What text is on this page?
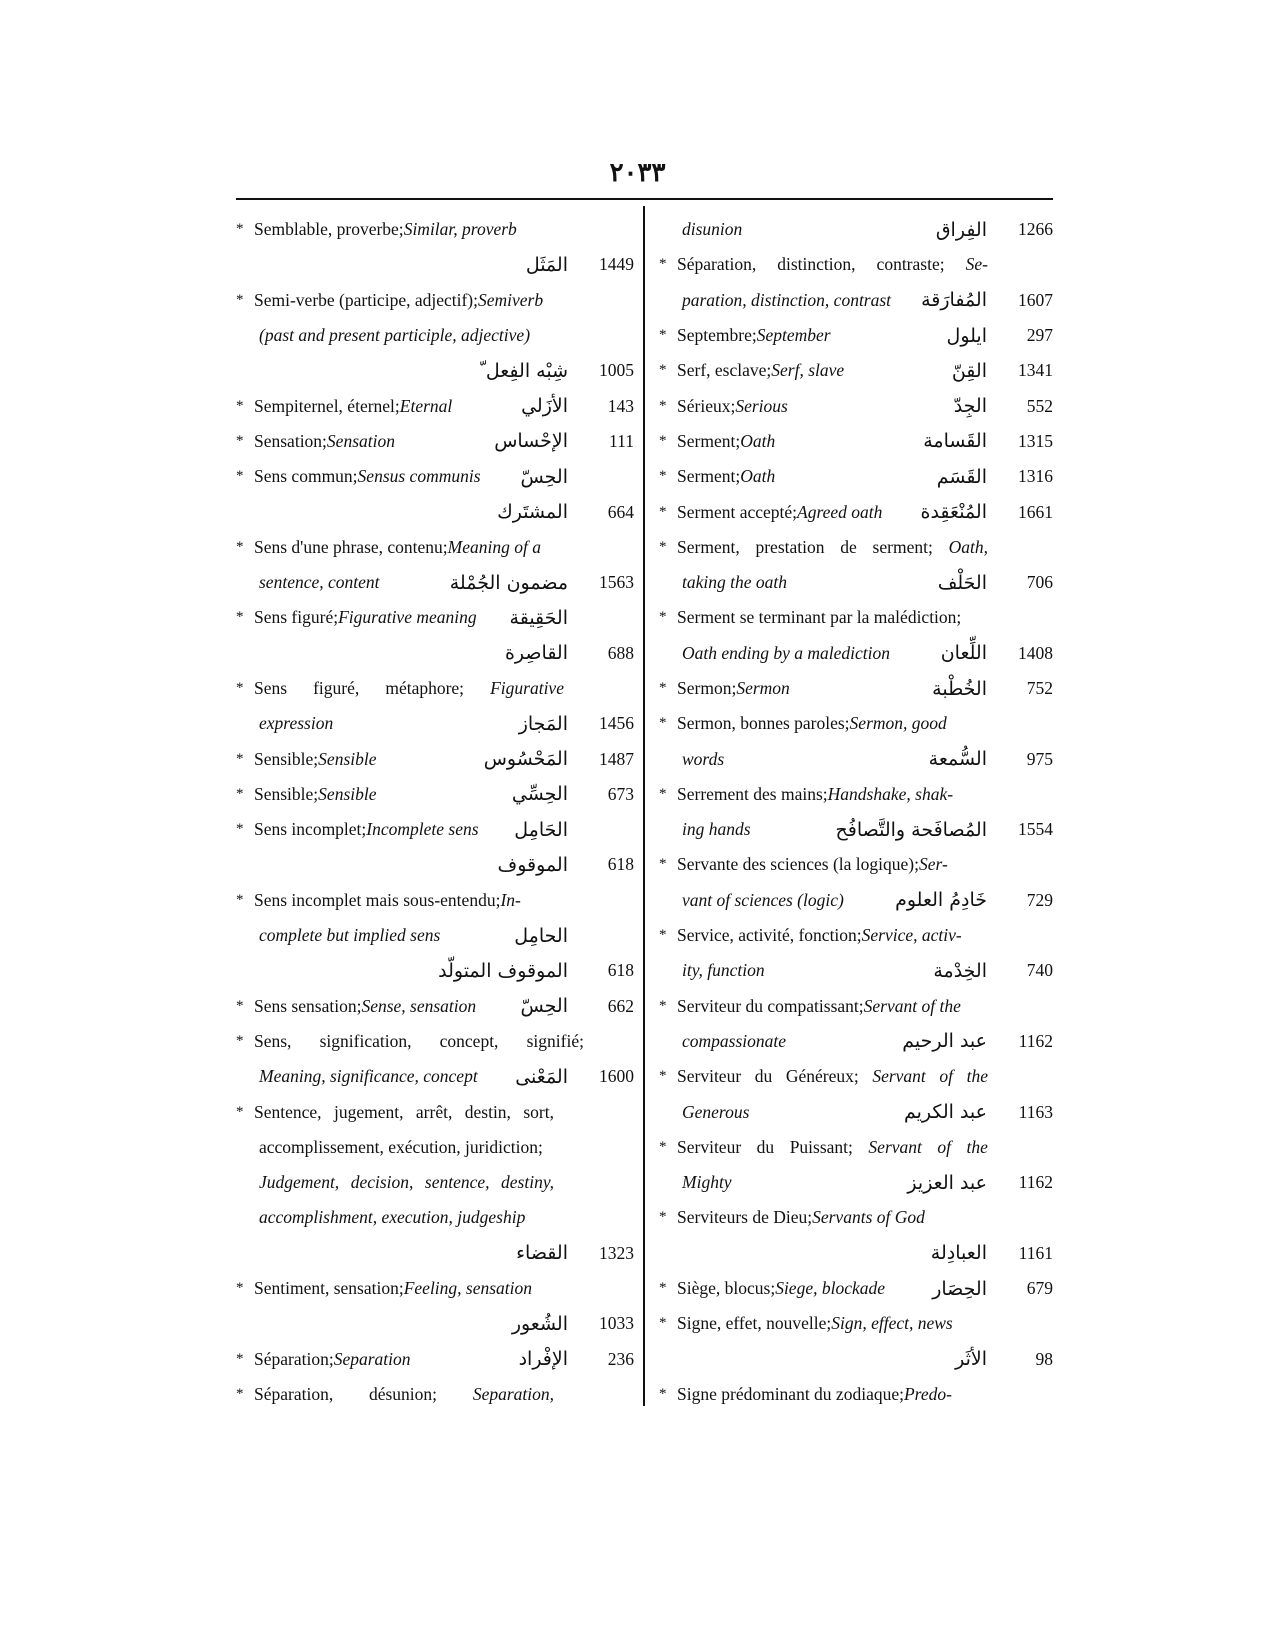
٢٠٣٣
* Semblable, proverbe; Similar, proverb
المَثَل	1449
* Semi-verbe (participe, adjectif); Semiverb
(past and present participle, adjective)
شِبْه الفِعل ّ	1005
* Sempiternel, éternel; Eternal	الأزَلي	143
* Sensation; Sensation	الإحْساس	111
* Sens commun; Sensus communis الحِسّ
المشتَرك	664
* Sens d'une phrase, contenu; Meaning of a
sentence, content	مضمون الجُمْلة	1563
* Sens figuré; Figurative meaning الحَقِيقة
القاصِرة	688
* Sens figuré, métaphore; Figurative
expression	المَجاز	1456
* Sensible; Sensible	المَحْسُوس	1487
* Sensible; Sensible	الحِسِّي	673
* Sens incomplet; Incomplete sens الحَامِل
الموقوف	618
* Sens incomplet mais sous-entendu; In-
complete but implied sens	الحامِل
الموقوف المتولّد	618
* Sens sensation; Sense, sensation الحِسّ	662
* Sens, signification, concept, signifié;
Meaning, significance, concept المَعْنى	1600
* Sentence, jugement, arrêt, destin, sort,
accomplissement, exécution, juridiction;
Judgement, decision, sentence, destiny,
accomplishment, execution, judgeship
القضاء	1323
* Sentiment, sensation; Feeling, sensation
الشُعور	1033
* Séparation; Separation	الإفْراد	236
* Séparation, désunion; Separation,
disunion	الفِراق	1266
* Séparation, distinction, contraste; Se-
paration, distinction, contrast المُفارَقة	1607
* Septembre; September	ايلول	297
* Serf, esclave; Serf, slave	القِنّ	1341
* Sérieux; Serious	الجِدّ	552
* Serment; Oath	القَسامة	1315
* Serment; Oath	القَسَم	1316
* Serment accepté; Agreed oath المُنْعَقِدة	1661
* Serment, prestation de serment; Oath,
taking the oath	الحَلْف	706
* Serment se terminant par la malédiction;
Oath ending by a malediction	اللِّعان	1408
* Sermon; Sermon	الخُطْبة	752
* Sermon, bonnes paroles; Sermon, good
words	السُّمعة	975
* Serrement des mains; Handshake, shak-
ing hands	المُصافَحة والتَّصافُح	1554
* Servante des sciences (la logique); Ser-
vant of sciences (logic)	خَادِمُ العلوم	729
* Service, activité, fonction; Service, activ-
ity, function	الخِدْمة	740
* Serviteur du compatissant; Servant of the
compassionate	عبد الرحيم	1162
* Serviteur du Généreux; Servant of the
Generous	عبد الكريم	1163
* Serviteur du Puissant; Servant of the
Mighty	عبد العزيز	1162
* Serviteurs de Dieu; Servants of God
العبادِلة	1161
* Siège, blocus; Siege, blockade الحِصَار	679
* Signe, effet, nouvelle; Sign, effect, news
الأثَر	98
* Signe prédominant du zodiaque; Predo-
